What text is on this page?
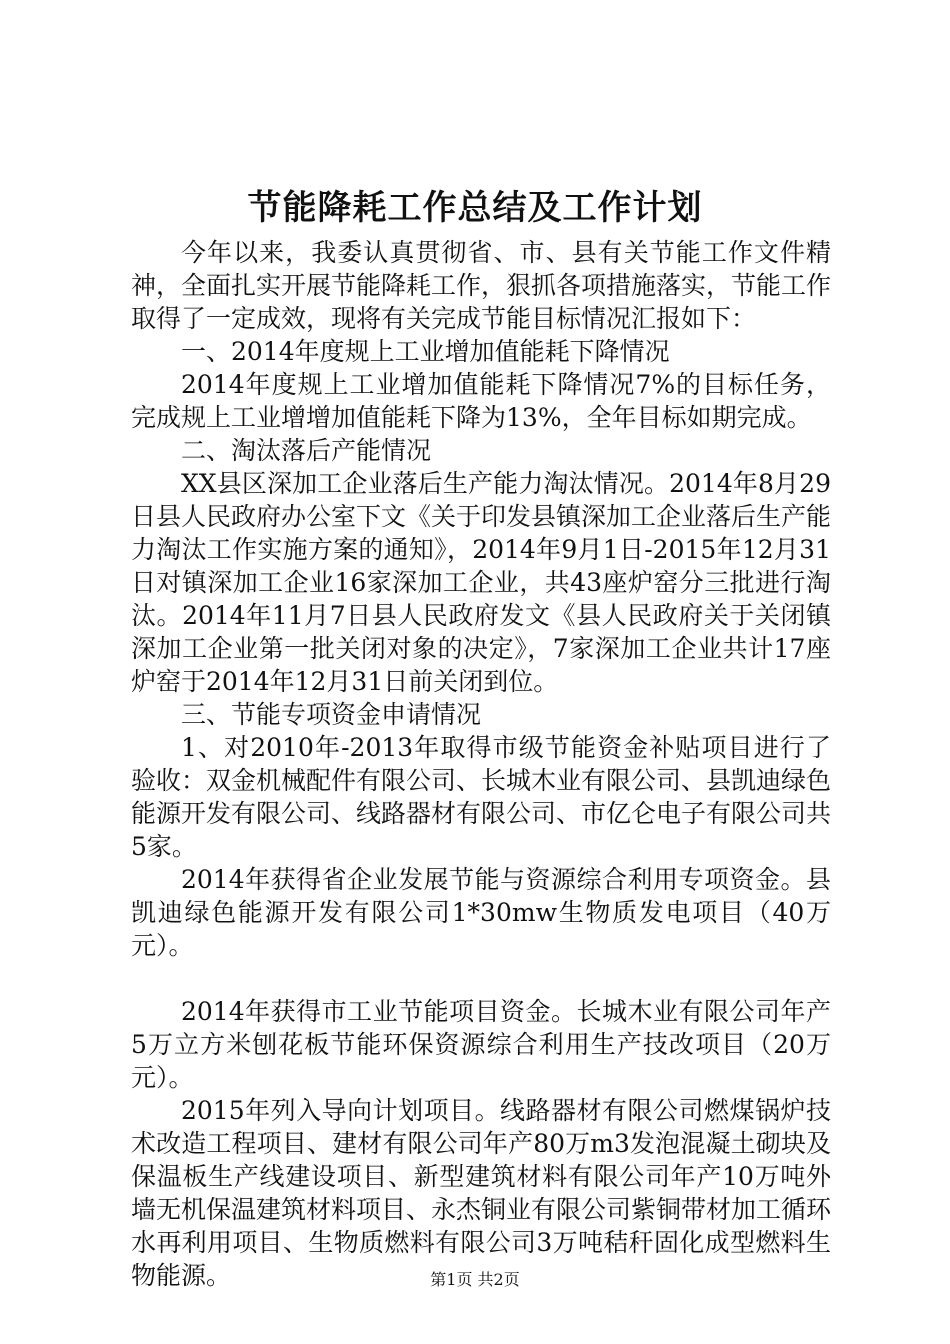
节能降耗工作总结及工作计划

今年以来，我委认真贯彻省、市、县有关节能工作文件精神，全面扎实开展节能降耗工作，狠抓各项措施落实，节能工作取得了一定成效，现将有关完成节能目标情况汇报如下：

一、2014年度规上工业增加值能耗下降情况

2014年度规上工业增加值能耗下降情况7%的目标任务，完成规上工业增增加值能耗下降为13%，全年目标如期完成。

二、淘汰落后产能情况

XX县区深加工企业落后生产能力淘汰情况。2014年8月29日县人民政府办公室下文《关于印发县镇深加工企业落后生产能力淘汰工作实施方案的通知》，2014年9月1日-2015年12月31日对镇深加工企业16家深加工企业，共43座炉窑分三批进行淘汰。2014年11月7日县人民政府发文《县人民政府关于关闭镇深加工企业第一批关闭对象的决定》，7家深加工企业共计17座炉窑于2014年12月31日前关闭到位。

三、节能专项资金申请情况

1、对2010年-2013年取得市级节能资金补贴项目进行了验收：双金机械配件有限公司、长城木业有限公司、县凯迪绿色能源开发有限公司、线路器材有限公司、市亿仑电子有限公司共5家。

2014年获得省企业发展节能与资源综合利用专项资金。县凯迪绿色能源开发有限公司1*30mw生物质发电项目（40万元）。

2014年获得市工业节能项目资金。长城木业有限公司年产5万立方米刨花板节能环保资源综合利用生产技改项目（20万元）。

2015年列入导向计划项目。线路器材有限公司燃煤锅炉技术改造工程项目、建材有限公司年产80万m3发泡混凝土砌块及保温板生产线建设项目、新型建筑材料有限公司年产10万吨外墙无机保温建筑材料项目、永杰铜业有限公司紫铜带材加工循环水再利用项目、生物质燃料有限公司3万吨秸秆固化成型燃料生物能源。	第1页 共2页
